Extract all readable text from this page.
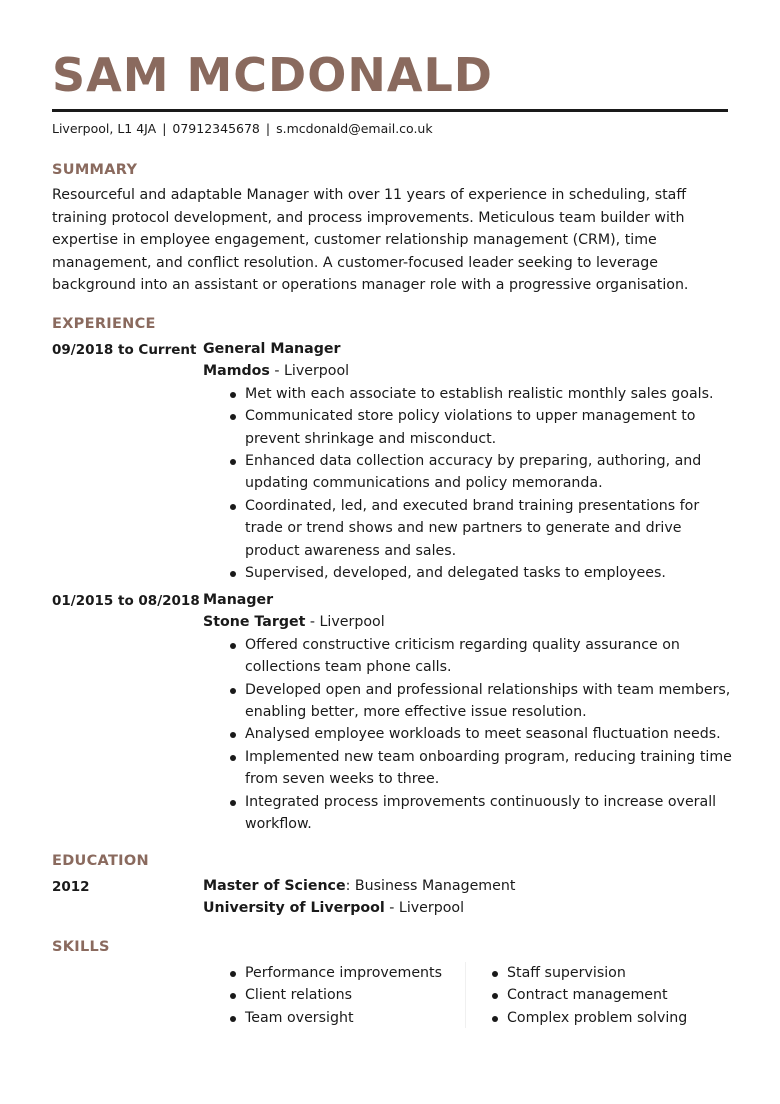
SAM MCDONALD
Liverpool, L1 4JA | 07912345678 | s.mcdonald@email.co.uk
SUMMARY
Resourceful and adaptable Manager with over 11 years of experience in scheduling, staff training protocol development, and process improvements. Meticulous team builder with expertise in employee engagement, customer relationship management (CRM), time management, and conflict resolution. A customer-focused leader seeking to leverage background into an assistant or operations manager role with a progressive organisation.
EXPERIENCE
09/2018 to Current General Manager
Mamdos - Liverpool
Met with each associate to establish realistic monthly sales goals.
Communicated store policy violations to upper management to prevent shrinkage and misconduct.
Enhanced data collection accuracy by preparing, authoring, and updating communications and policy memoranda.
Coordinated, led, and executed brand training presentations for trade or trend shows and new partners to generate and drive product awareness and sales.
Supervised, developed, and delegated tasks to employees.
01/2015 to 08/2018 Manager
Stone Target - Liverpool
Offered constructive criticism regarding quality assurance on collections team phone calls.
Developed open and professional relationships with team members, enabling better, more effective issue resolution.
Analysed employee workloads to meet seasonal fluctuation needs.
Implemented new team onboarding program, reducing training time from seven weeks to three.
Integrated process improvements continuously to increase overall workflow.
EDUCATION
2012	Master of Science: Business Management
University of Liverpool - Liverpool
SKILLS
Performance improvements
Client relations
Team oversight
Staff supervision
Contract management
Complex problem solving
